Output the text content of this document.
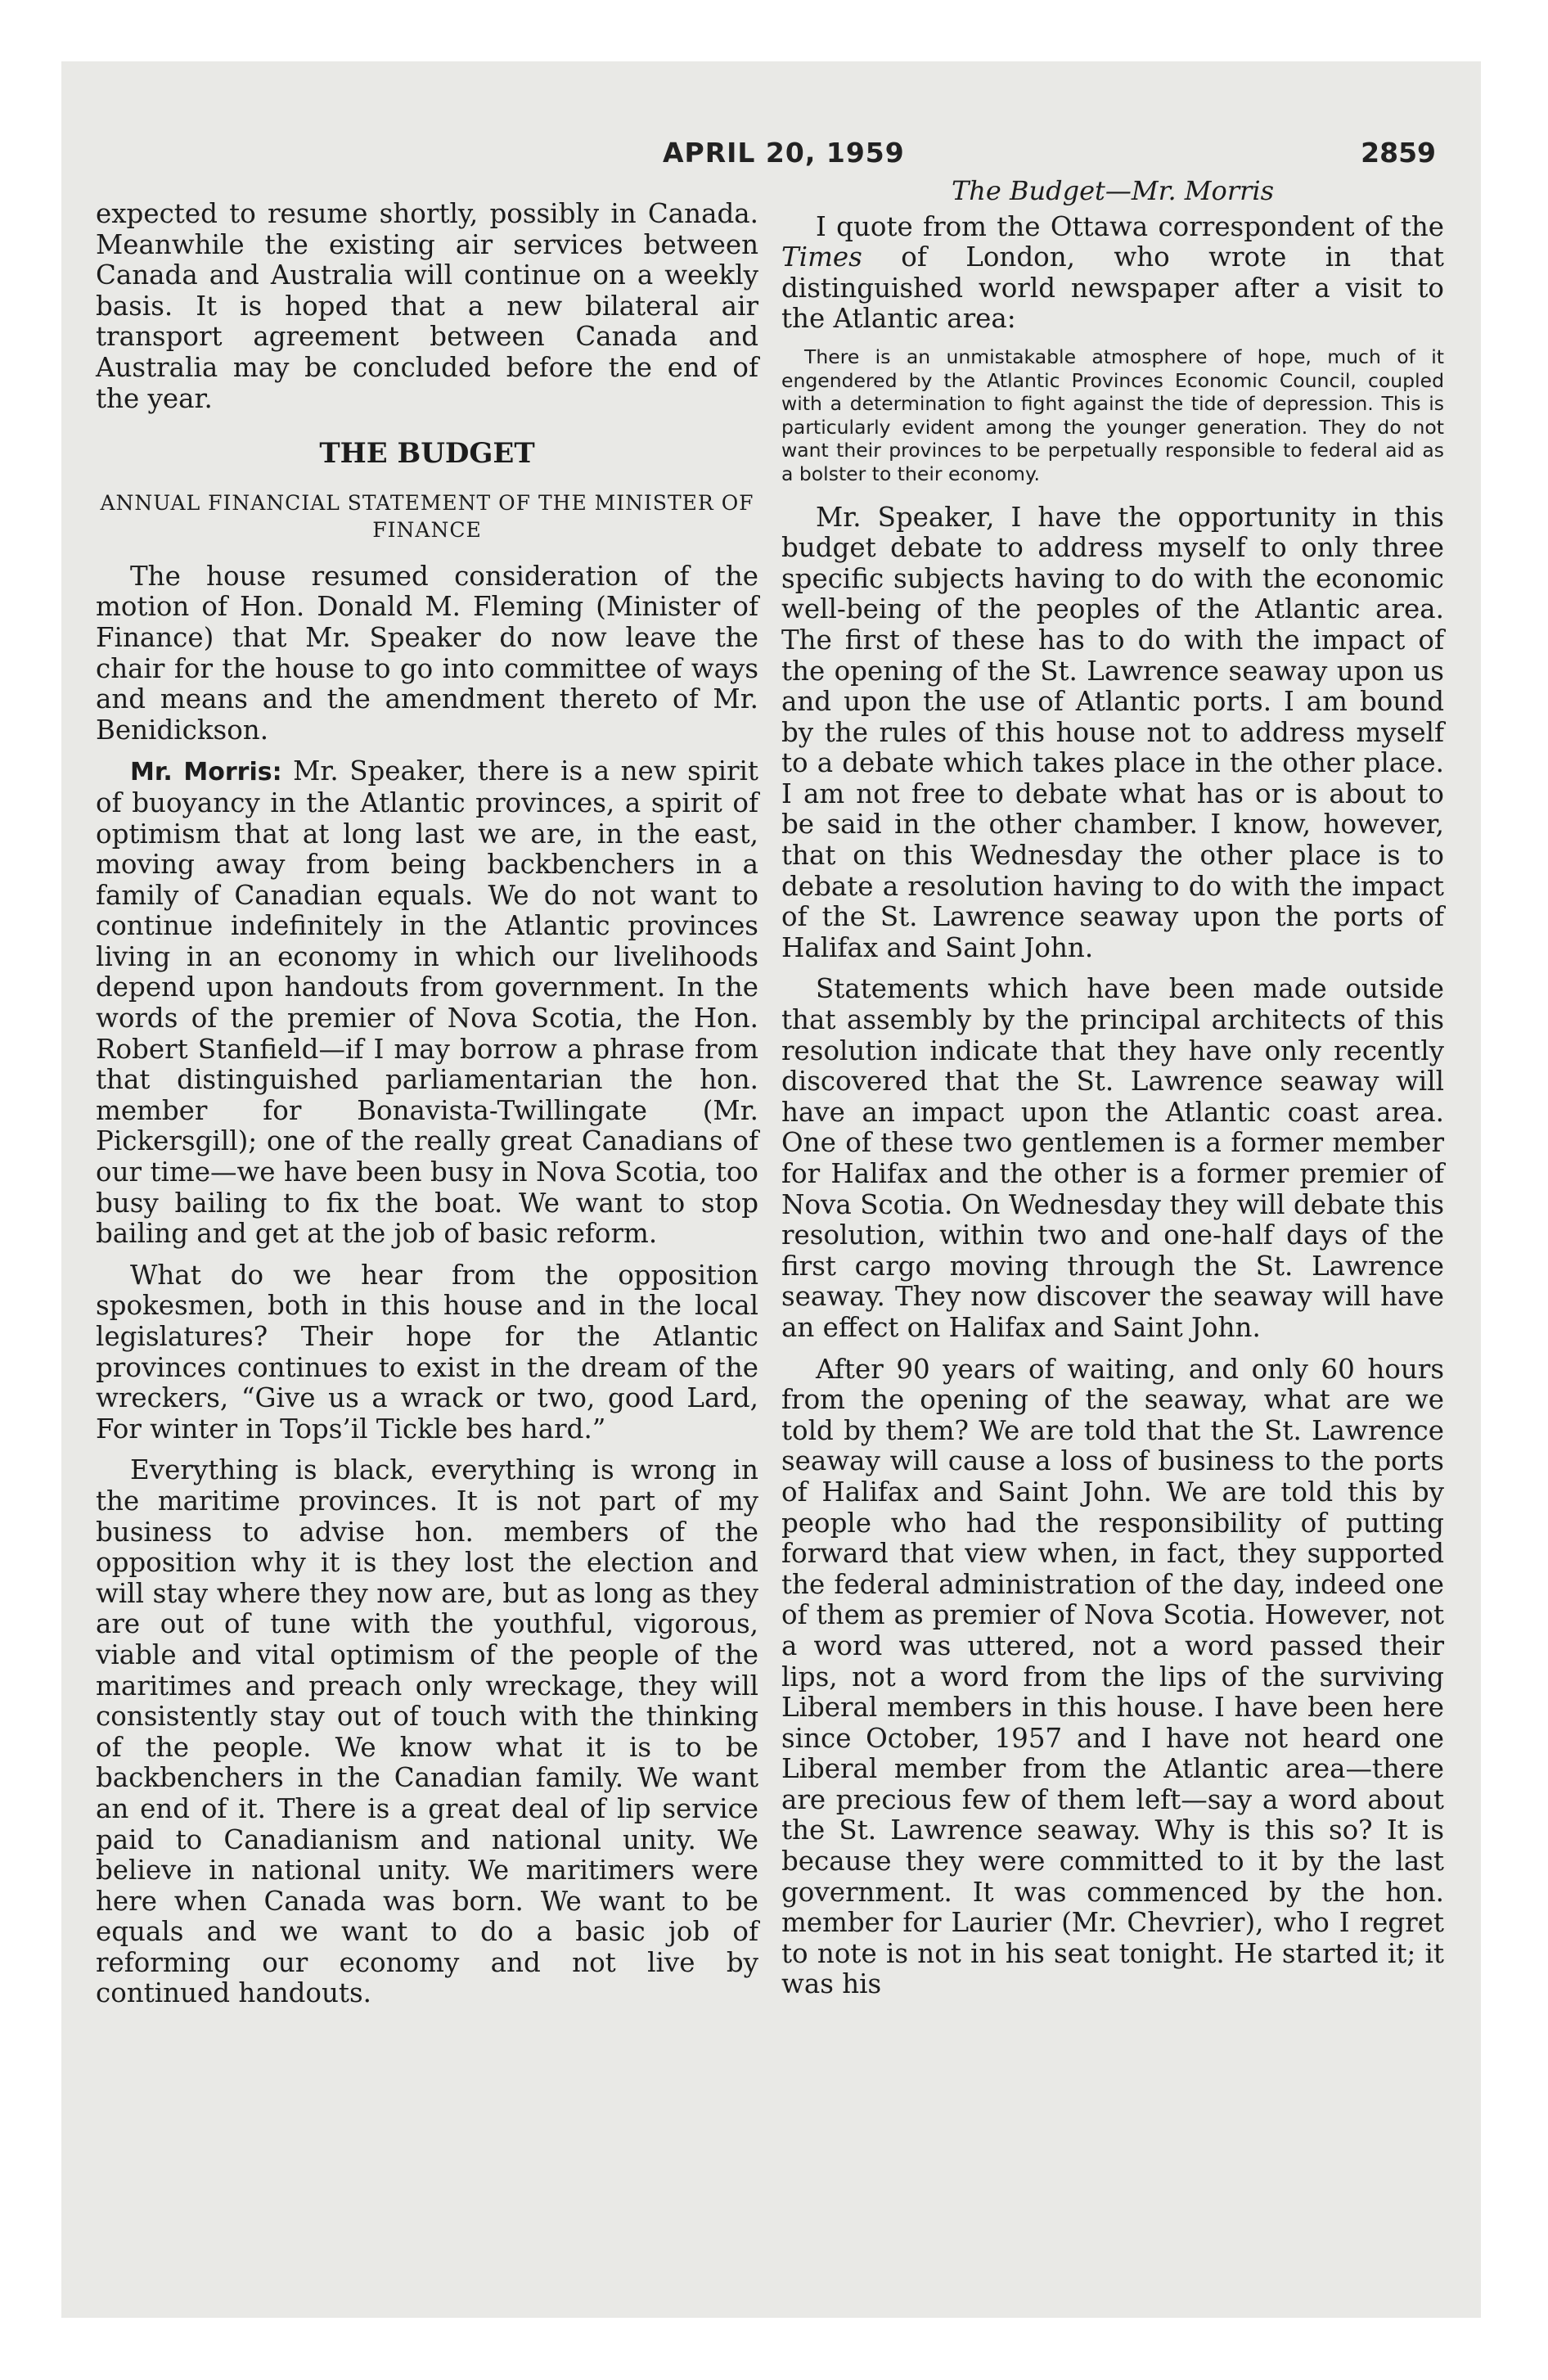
APRIL 20, 1959	2859

expected to resume shortly, possibly in Canada. Meanwhile the existing air services between Canada and Australia will continue on a weekly basis. It is hoped that a new bilateral air transport agreement between Canada and Australia may be concluded before the end of the year.

THE BUDGET
ANNUAL FINANCIAL STATEMENT OF THE MINISTER OF FINANCE

The house resumed consideration of the motion of Hon. Donald M. Fleming (Minister of Finance) that Mr. Speaker do now leave the chair for the house to go into committee of ways and means and the amendment thereto of Mr. Benidickson.

Mr. Morris: Mr. Speaker, there is a new spirit of buoyancy in the Atlantic provinces, a spirit of optimism that at long last we are, in the east, moving away from being backbenchers in a family of Canadian equals. We do not want to continue indefinitely in the Atlantic provinces living in an economy in which our livelihoods depend upon handouts from government. In the words of the premier of Nova Scotia, the Hon. Robert Stanfield—if I may borrow a phrase from that distinguished parliamentarian the hon. member for Bonavista-Twillingate (Mr. Pickersgill); one of the really great Canadians of our time—we have been busy in Nova Scotia, too busy bailing to fix the boat. We want to stop bailing and get at the job of basic reform.

What do we hear from the opposition spokesmen, both in this house and in the local legislatures? Their hope for the Atlantic provinces continues to exist in the dream of the wreckers, “Give us a wrack or two, good Lard, For winter in Tops’il Tickle bes hard.”

Everything is black, everything is wrong in the maritime provinces. It is not part of my business to advise hon. members of the opposition why it is they lost the election and will stay where they now are, but as long as they are out of tune with the youthful, vigorous, viable and vital optimism of the people of the maritimes and preach only wreckage, they will consistently stay out of touch with the thinking of the people. We know what it is to be backbenchers in the Canadian family. We want an end of it. There is a great deal of lip service paid to Canadianism and national unity. We believe in national unity. We maritimers were here when Canada was born. We want to be equals and we want to do a basic job of reforming our economy and not live by continued handouts.

The Budget—Mr. Morris

I quote from the Ottawa correspondent of the Times of London, who wrote in that distinguished world newspaper after a visit to the Atlantic area:

There is an unmistakable atmosphere of hope, much of it engendered by the Atlantic Provinces Economic Council, coupled with a determination to fight against the tide of depression. This is particularly evident among the younger generation. They do not want their provinces to be perpetually responsible to federal aid as a bolster to their economy.

Mr. Speaker, I have the opportunity in this budget debate to address myself to only three specific subjects having to do with the economic well-being of the peoples of the Atlantic area. The first of these has to do with the impact of the opening of the St. Lawrence seaway upon us and upon the use of Atlantic ports. I am bound by the rules of this house not to address myself to a debate which takes place in the other place. I am not free to debate what has or is about to be said in the other chamber. I know, however, that on this Wednesday the other place is to debate a resolution having to do with the impact of the St. Lawrence seaway upon the ports of Halifax and Saint John.

Statements which have been made outside that assembly by the principal architects of this resolution indicate that they have only recently discovered that the St. Lawrence seaway will have an impact upon the Atlantic coast area. One of these two gentlemen is a former member for Halifax and the other is a former premier of Nova Scotia. On Wednesday they will debate this resolution, within two and one-half days of the first cargo moving through the St. Lawrence seaway. They now discover the seaway will have an effect on Halifax and Saint John.

After 90 years of waiting, and only 60 hours from the opening of the seaway, what are we told by them? We are told that the St. Lawrence seaway will cause a loss of business to the ports of Halifax and Saint John. We are told this by people who had the responsibility of putting forward that view when, in fact, they supported the federal administration of the day, indeed one of them as premier of Nova Scotia. However, not a word was uttered, not a word passed their lips, not a word from the lips of the surviving Liberal members in this house. I have been here since October, 1957 and I have not heard one Liberal member from the Atlantic area—there are precious few of them left—say a word about the St. Lawrence seaway. Why is this so? It is because they were committed to it by the last government. It was commenced by the hon. member for Laurier (Mr. Chevrier), who I regret to note is not in his seat tonight. He started it; it was his
